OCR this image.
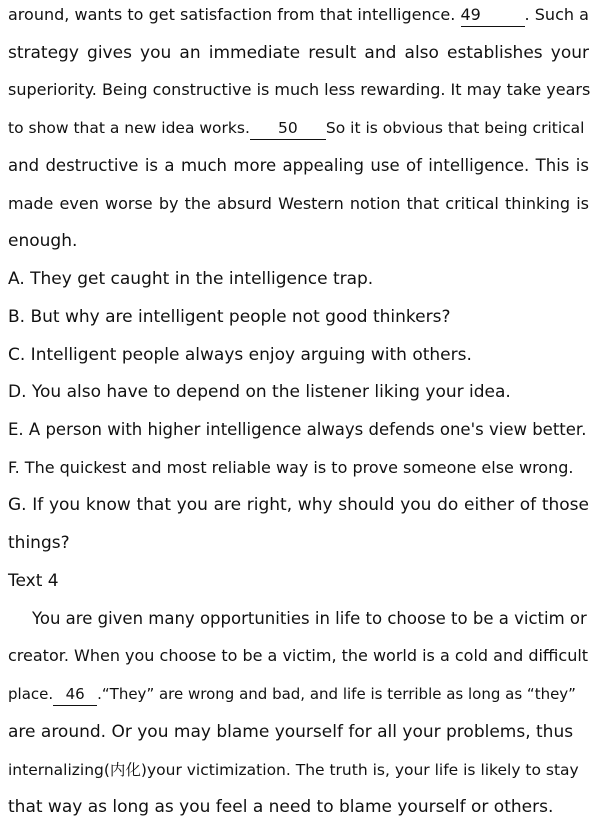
around, wants to get satisfaction from that intelligence. 49	. Such a
strategy gives you an immediate result and also establishes your
superiority. Being constructive is much less rewarding. It may take years
to show that a new idea works. 50 So it is obvious that being critical
and destructive is a much more appealing use of intelligence. This is
made even worse by the absurd Western notion that critical thinking is
enough.
A. They get caught in the intelligence trap.
B. But why are intelligent people not good thinkers?
C. Intelligent people always enjoy arguing with others.
D. You also have to depend on the listener liking your idea.
E. A person with higher intelligence always defends one's view better.
F. The quickest and most reliable way is to prove someone else wrong.
G. If you know that you are right, why should you do either of those
things?
Text 4
You are given many opportunities in life to choose to be a victim or
creator. When you choose to be a victim, the world is a cold and difficult
place. 46 .“They” are wrong and bad, and life is terrible as long as “they”
are around. Or you may blame yourself for all your problems, thus
internalizing(内化)your victimization. The truth is, your life is likely to stay
that way as long as you feel a need to blame yourself or others.
